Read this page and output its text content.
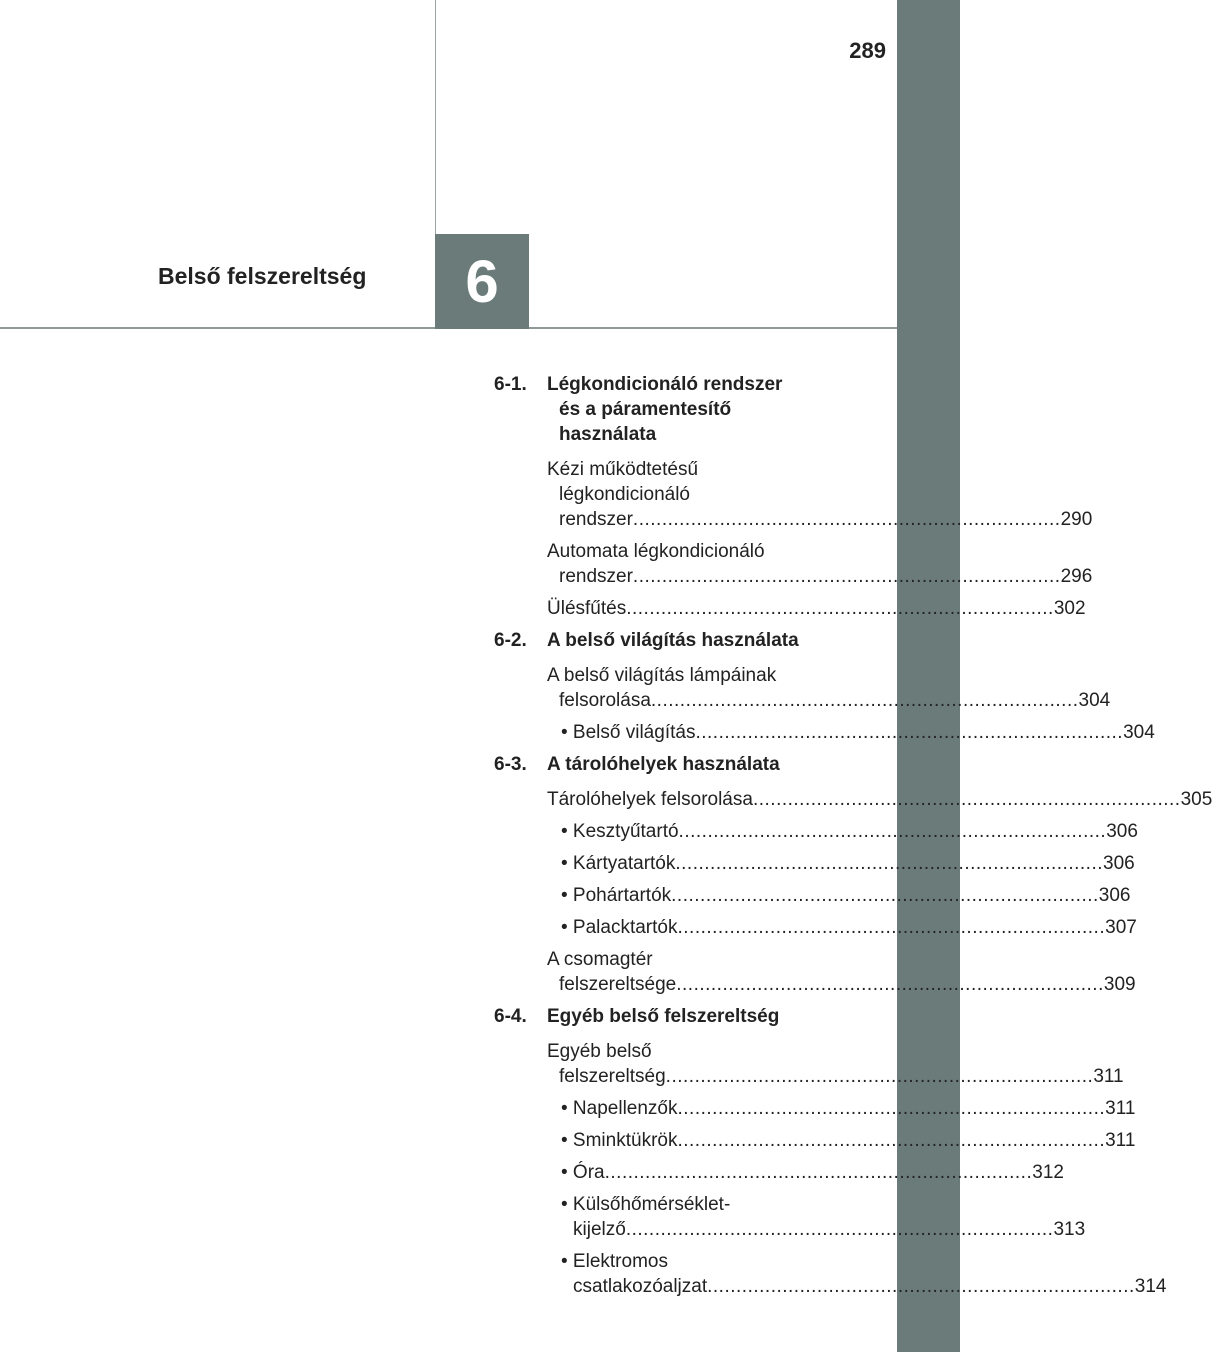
289
Belső felszereltség 6
6-1. Légkondicionáló rendszer
és a páramentesítő
használata
Kézi működtetésű
légkondicionáló
rendszer..........................................................................290
Automata légkondicionáló
rendszer..........................................................................296
Ülésfűtés..........................................................................302
6-2. A belső világítás használata
A belső világítás lámpáinak
felsorolása..........................................................................304
• Belső világítás..........................................................................304
6-3. A tárolóhelyek használata
Tárolóhelyek felsorolása..........................................................................305
• Kesztyűtartó..........................................................................306
• Kártyatartók..........................................................................306
• Pohártartók..........................................................................306
• Palacktartók..........................................................................307
A csomagtér
felszereltsége..........................................................................309
6-4. Egyéb belső felszereltség
Egyéb belső
felszereltség..........................................................................311
• Napellenzők..........................................................................311
• Sminktükrök..........................................................................311
• Óra..........................................................................312
• Külsőhőmérséklet-
kijelző..........................................................................313
• Elektromos
csatlakozóaljzat..........................................................................314
